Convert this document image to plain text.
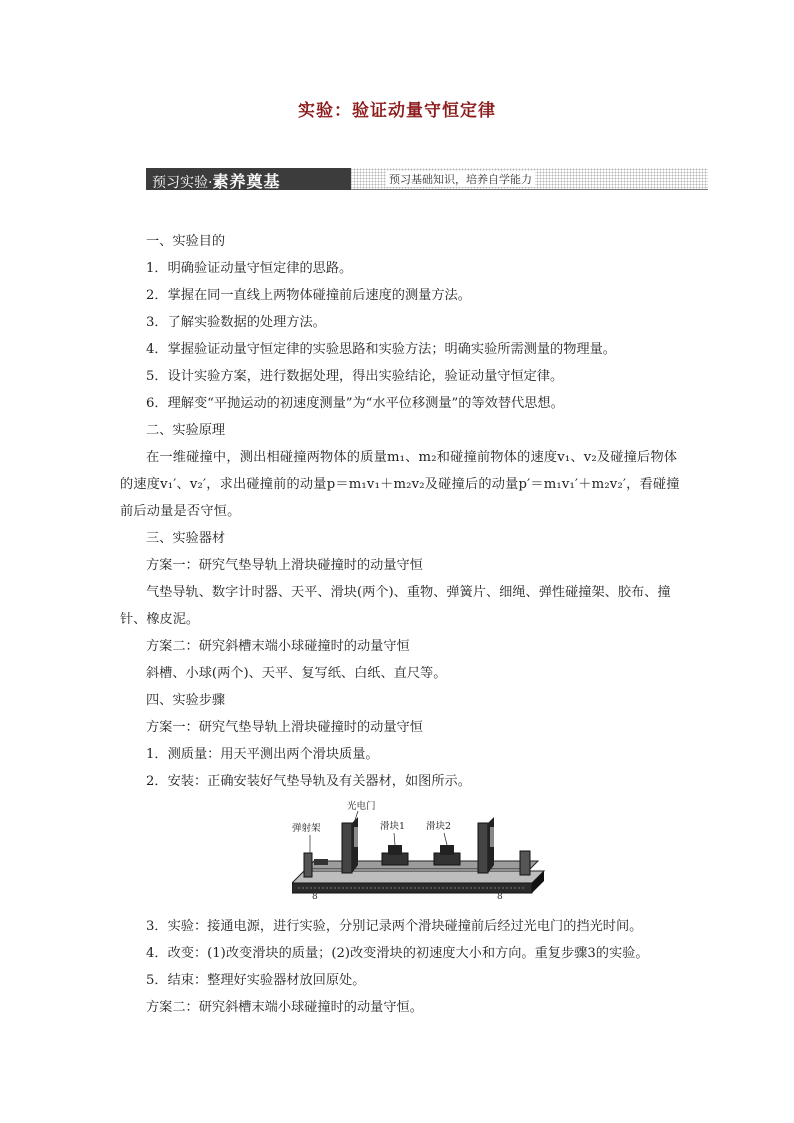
实验：验证动量守恒定律
预习实验·素养奠基	预习基础知识，培养自学能力

一、实验目的

1．明确验证动量守恒定律的思路。

2．掌握在同一直线上两物体碰撞前后速度的测量方法。

3．了解实验数据的处理方法。

4．掌握验证动量守恒定律的实验思路和实验方法；明确实验所需测量的物理量。

5．设计实验方案，进行数据处理，得出实验结论，验证动量守恒定律。

6．理解变“平抛运动的初速度测量”为“水平位移测量”的等效替代思想。

二、实验原理

在一维碰撞中，测出相碰撞两物体的质量m₁、m₂和碰撞前物体的速度v₁、v₂及碰撞后物体的速度v₁′、v₂′，求出碰撞前的动量p＝m₁v₁＋m₂v₂及碰撞后的动量p′＝m₁v₁′＋m₂v₂′，看碰撞前后动量是否守恒。

三、实验器材

方案一：研究气垫导轨上滑块碰撞时的动量守恒

气垫导轨、数字计时器、天平、滑块(两个)、重物、弹簧片、细绳、弹性碰撞架、胶布、撞针、橡皮泥。

方案二：研究斜槽末端小球碰撞时的动量守恒

斜槽、小球(两个)、天平、复写纸、白纸、直尺等。

四、实验步骤

方案一：研究气垫导轨上滑块碰撞时的动量守恒

1．测质量：用天平测出两个滑块质量。

2．安装：正确安装好气垫导轨及有关器材，如图所示。

8	8
光电门
弹射架	滑块1 滑块2

3．实验：接通电源，进行实验，分别记录两个滑块碰撞前后经过光电门的挡光时间。

4．改变：(1)改变滑块的质量；(2)改变滑块的初速度大小和方向。重复步骤3的实验。

5．结束：整理好实验器材放回原处。

方案二：研究斜槽末端小球碰撞时的动量守恒。
